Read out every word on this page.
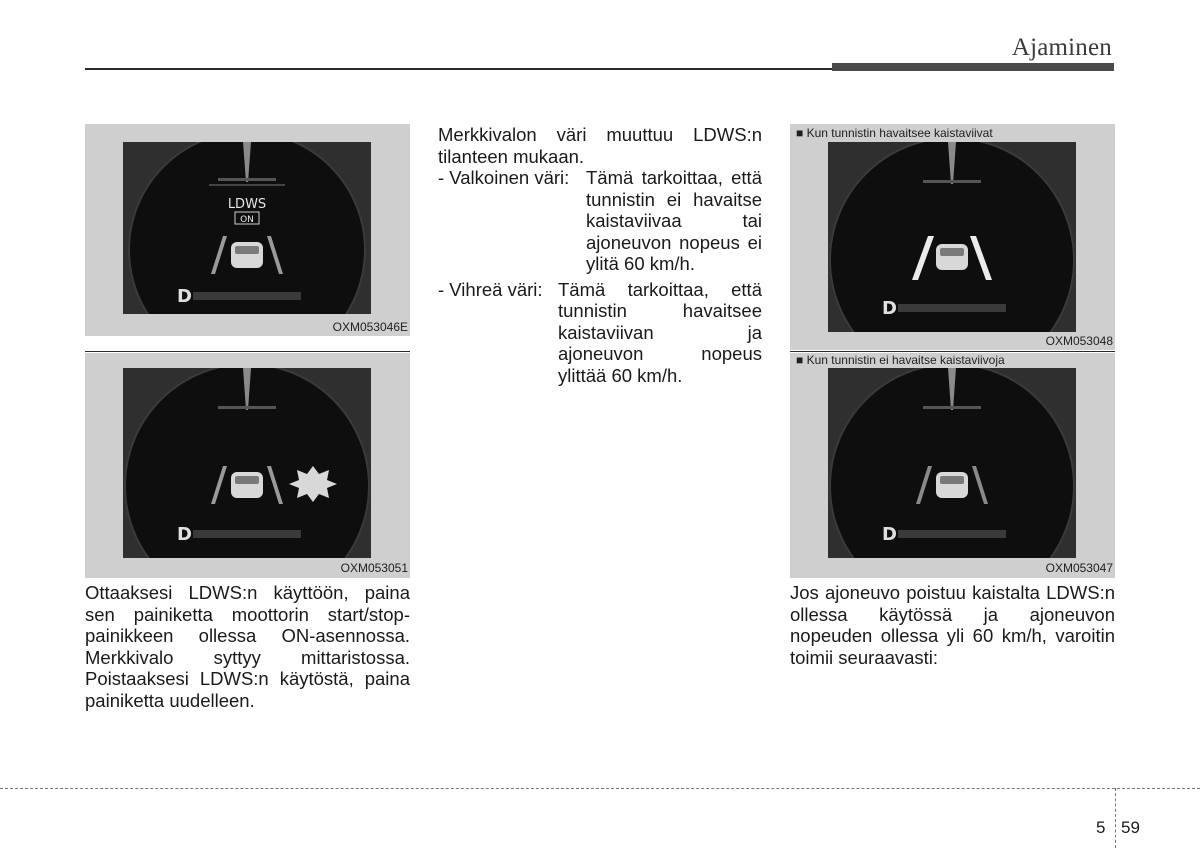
Ajaminen
LDWS
ON
D
OXM053046E
D
OXM053051
Ottaaksesi LDWS:n käyttöön, paina sen painiketta moottorin start/stop-painikkeen ollessa ON-asennossa. Merkkivalo syttyy mittaristossa. Poistaaksesi LDWS:n käytöstä, paina painiketta uudelleen.
Merkkivalon väri muuttuu LDWS:n tilanteen mukaan.
- Valkoinen väri: Tämä tarkoittaa, että tunnistin ei havaitse kaistaviivaa tai ajoneuvon nopeus ei ylitä 60 km/h.
- Vihreä väri: Tämä tarkoittaa, että tunnistin havaitsee kaistaviivan ja ajoneuvon nopeus ylittää 60 km/h.
■ Kun tunnistin havaitsee kaistaviivat
D
OXM053048
■ Kun tunnistin ei havaitse kaistaviivoja
D
OXM053047
Jos ajoneuvo poistuu kaistalta LDWS:n ollessa käytössä ja ajoneuvon nopeuden ollessa yli 60 km/h, varoitin toimii seuraavasti:
5 59
